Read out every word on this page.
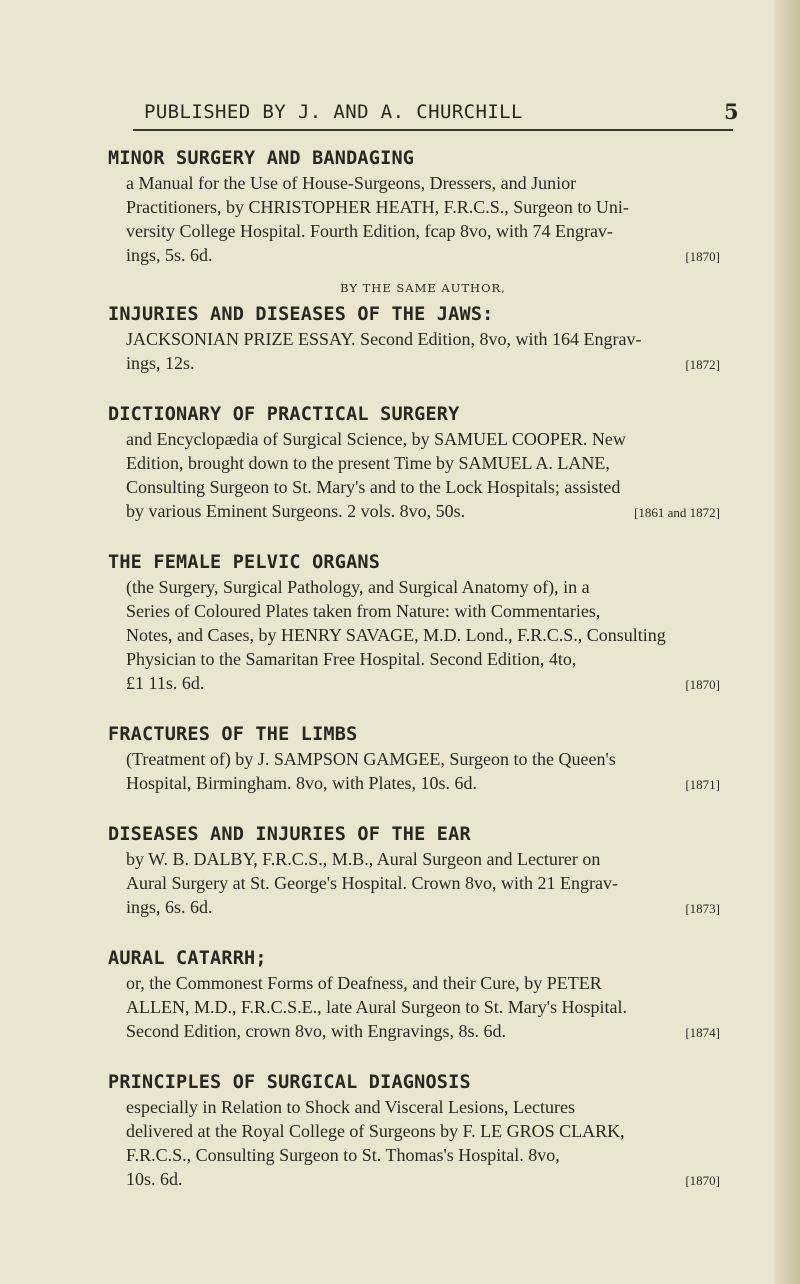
PUBLISHED BY J. AND A. CHURCHILL	5
MINOR SURGERY AND BANDAGING
a Manual for the Use of House-Surgeons, Dressers, and Junior
Practitioners, by CHRISTOPHER HEATH, F.R.C.S., Surgeon to Uni-
versity College Hospital. Fourth Edition, fcap 8vo, with 74 Engrav-
ings, 5s. 6d.	[1870]
BY THE SAME AUTHOR,
INJURIES AND DISEASES OF THE JAWS:
JACKSONIAN PRIZE ESSAY. Second Edition, 8vo, with 164 Engrav-
ings, 12s.	[1872]
DICTIONARY OF PRACTICAL SURGERY
and Encyclopædia of Surgical Science, by SAMUEL COOPER. New
Edition, brought down to the present Time by SAMUEL A. LANE,
Consulting Surgeon to St. Mary's and to the Lock Hospitals; assisted
by various Eminent Surgeons. 2 vols. 8vo, 50s.	[1861 and 1872]
THE FEMALE PELVIC ORGANS
(the Surgery, Surgical Pathology, and Surgical Anatomy of), in a
Series of Coloured Plates taken from Nature: with Commentaries,
Notes, and Cases, by HENRY SAVAGE, M.D. Lond., F.R.C.S., Consulting
Physician to the Samaritan Free Hospital. Second Edition, 4to,
£1 11s. 6d.	[1870]
FRACTURES OF THE LIMBS
(Treatment of) by J. SAMPSON GAMGEE, Surgeon to the Queen's
Hospital, Birmingham. 8vo, with Plates, 10s. 6d.	[1871]
DISEASES AND INJURIES OF THE EAR
by W. B. DALBY, F.R.C.S., M.B., Aural Surgeon and Lecturer on
Aural Surgery at St. George's Hospital. Crown 8vo, with 21 Engrav-
ings, 6s. 6d.	[1873]
AURAL CATARRH;
or, the Commonest Forms of Deafness, and their Cure, by PETER
ALLEN, M.D., F.R.C.S.E., late Aural Surgeon to St. Mary's Hospital.
Second Edition, crown 8vo, with Engravings, 8s. 6d.	[1874]
PRINCIPLES OF SURGICAL DIAGNOSIS
especially in Relation to Shock and Visceral Lesions, Lectures
delivered at the Royal College of Surgeons by F. LE GROS CLARK,
F.R.C.S., Consulting Surgeon to St. Thomas's Hospital. 8vo,
10s. 6d.	[1870]
